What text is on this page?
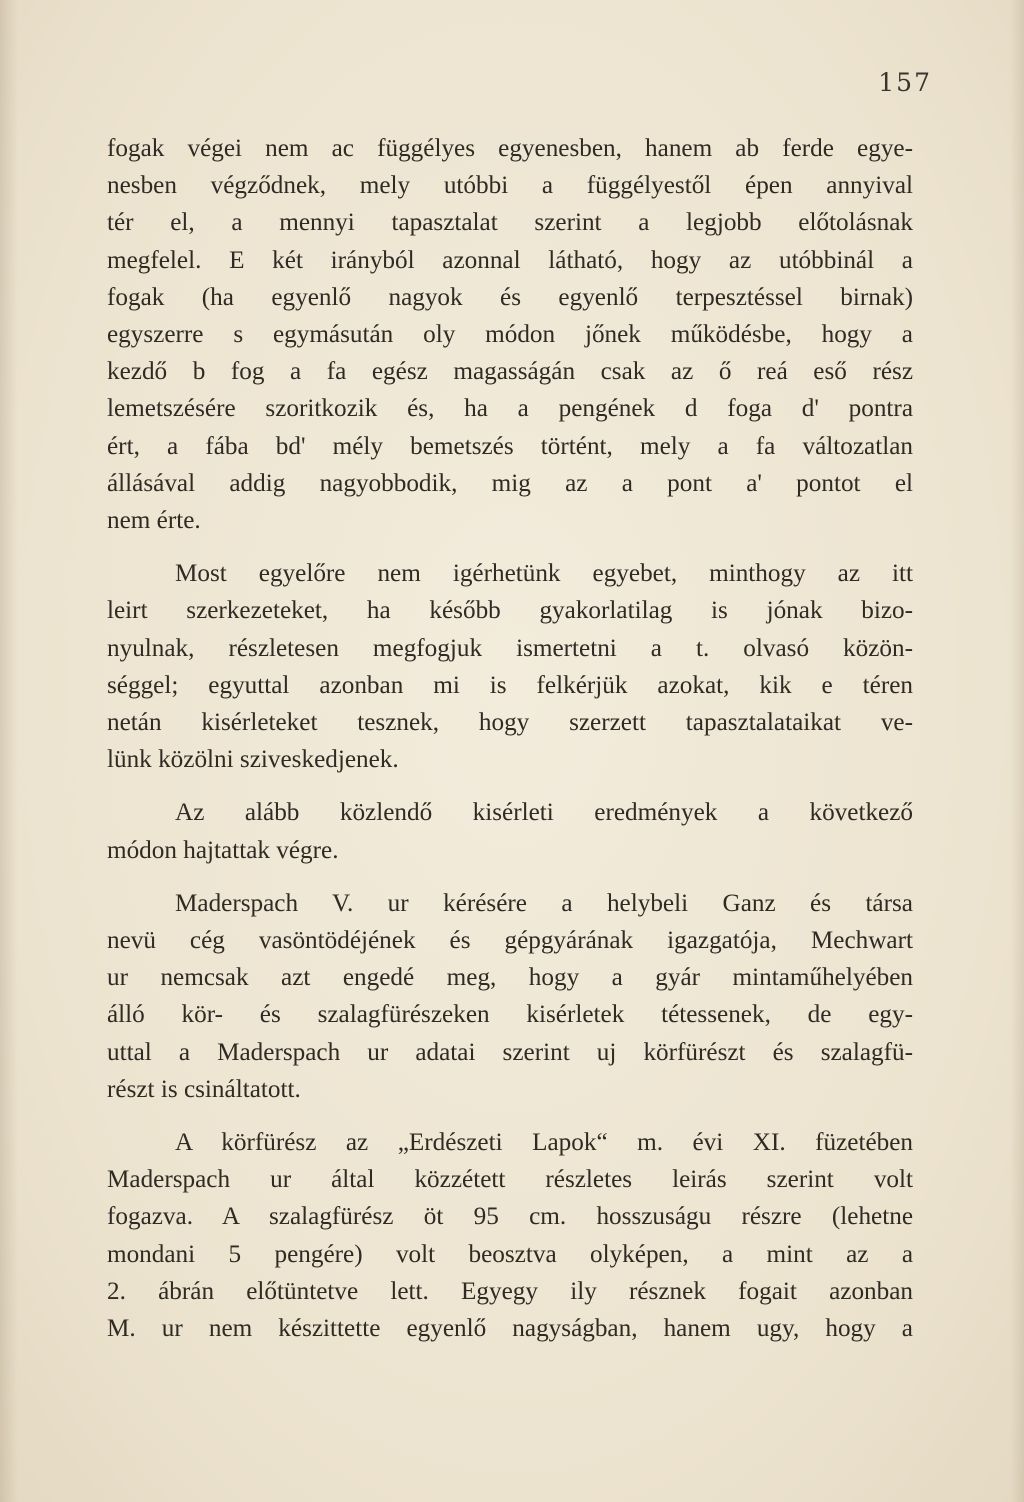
157
fogak végei nem ac függélyes egyenesben, hanem ab ferde egye-
nesben végződnek, mely utóbbi a függélyestől épen annyival
tér el, a mennyi tapasztalat szerint a legjobb előtolásnak
megfelel. E két irányból azonnal látható, hogy az utóbbinál a
fogak (ha egyenlő nagyok és egyenlő terpesztéssel birnak)
egyszerre s egymásután oly módon jőnek működésbe, hogy a
kezdő b fog a fa egész magasságán csak az ő reá eső rész
lemetszésére szoritkozik és, ha a pengének d foga d' pontra
ért, a fába bd' mély bemetszés történt, mely a fa változatlan
állásával addig nagyobbodik, mig az a pont a' pontot el
nem érte.
Most egyelőre nem igérhetünk egyebet, minthogy az itt
leirt szerkezeteket, ha később gyakorlatilag is jónak bizo-
nyulnak, részletesen megfogjuk ismertetni a t. olvasó közön-
séggel; egyuttal azonban mi is felkérjük azokat, kik e téren
netán kisérleteket tesznek, hogy szerzett tapasztalataikat ve-
lünk közölni sziveskedjenek.
Az alább közlendő kisérleti eredmények a következő
módon hajtattak végre.
Maderspach V. ur kérésére a helybeli Ganz és társa
nevü cég vasöntödéjének és gépgyárának igazgatója, Mechwart
ur nemcsak azt engedé meg, hogy a gyár mintaműhelyében
álló kör- és szalagfürészeken kisérletek tétessenek, de egy-
uttal a Maderspach ur adatai szerint uj körfürészt és szalagfü-
részt is csináltatott.
A körfürész az „Erdészeti Lapok“ m. évi XI. füzetében
Maderspach ur által közzétett részletes leirás szerint volt
fogazva. A szalagfürész öt 95 cm. hosszuságu részre (lehetne
mondani 5 pengére) volt beosztva olyképen, a mint az a
2. ábrán előtüntetve lett. Egyegy ily résznek fogait azonban
M. ur nem készittette egyenlő nagyságban, hanem ugy, hogy a
